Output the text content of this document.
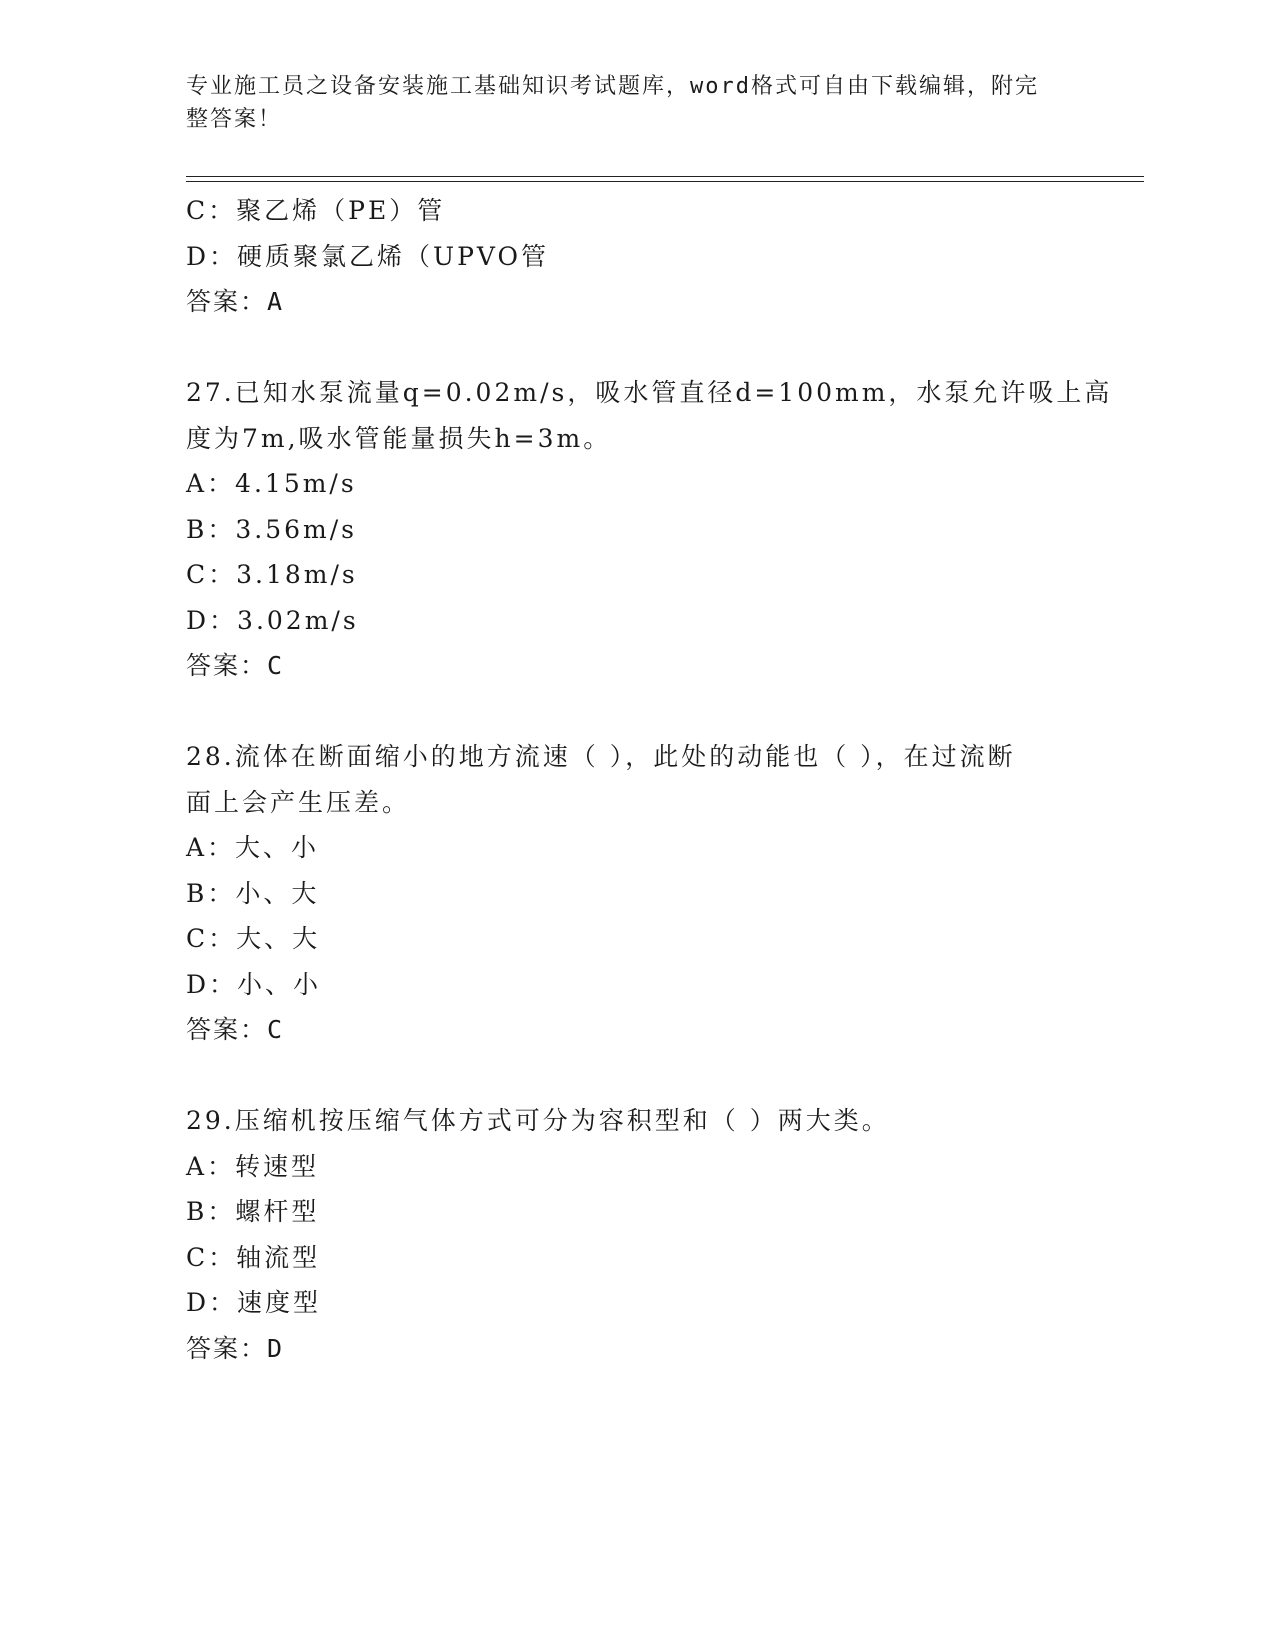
专业施工员之设备安装施工基础知识考试题库，word格式可自由下载编辑，附完
整答案！
C：聚乙烯（PE）管
D：硬质聚氯乙烯（UPVO管
答案：A
27.已知水泵流量q=0.02m/s，吸水管直径d=100mm，水泵允许吸上高
度为7m,吸水管能量损失h=3m。
A：4.15m/s
B：3.56m/s
C：3.18m/s
D：3.02m/s
答案：C
28.流体在断面缩小的地方流速（ ），此处的动能也（ ），在过流断
面上会产生压差。
A：大、小
B：小、大
C：大、大
D：小、小
答案：C
29.压缩机按压缩气体方式可分为容积型和（ ）两大类。
A：转速型
B：螺杆型
C：轴流型
D：速度型
答案：D
